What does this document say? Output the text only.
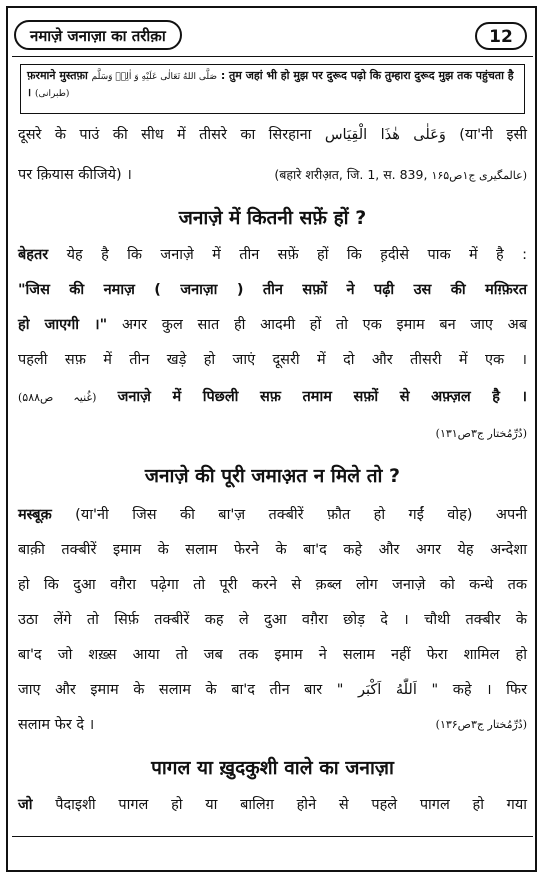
नमाज़े जनाज़ा का तरीक़ा	12
फ़रमाने मुस्तफ़ा صَلَّى اللهُ تَعَالٰى عَلَيْهِ وَ اٰلِهٖ وَسَلَّم : तुम जहां भी हो मुझ पर दुरूद पढ़ो कि तुम्हारा दुरूद मुझ तक पहुंचता है । (طبرانی)
दूसरे के पाउं की सीध में तीसरे का सिरहाना وَعَلٰى هٰذَا الْقِيَاس (या'नी इसी
पर क़ियास कीजिये) ।	(बहारे शरीअ़त, जि. 1, स. 839, عالمگیری ج۱ص۱۶۵)
जनाज़े में कितनी सफ़ें हों ?
बेहतर येह है कि जनाज़े में तीन सफ़ें हों कि ह़दीसे पाक में है :
"जिस की नमाज़ ( जनाज़ा ) तीन सफ़ों ने पढ़ी उस की मग़्फ़िरत
हो जाएगी ।" अगर कुल सात ही आदमी हों तो एक इमाम बन जाए अब
पहली सफ़ में तीन खड़े हो जाएं दूसरी में दो और तीसरी में एक ।
(غُنیہ ص۵۸۸) जनाज़े में पिछली सफ़ तमाम सफ़ों से अफ़्ज़ल है ।
(دُرِّمُختار ج۳ص۱۳۱)
जनाज़े की पूरी जमाअ़त न मिले तो ?
मस्बूक़ (या'नी जिस की बा'ज़ तक्बीरें फ़ौत हो गईं वोह) अपनी
बाक़ी तक्बीरें इमाम के सलाम फेरने के बा'द कहे और अगर येह अन्देशा
हो कि दुआ वग़ैरा पढ़ेगा तो पूरी करने से क़ब्ल लोग जनाज़े को कन्धे तक
उठा लेंगे तो सिर्फ़ तक्बीरें कह ले दुआ वग़ैरा छोड़ दे । चौथी तक्बीर के
बा'द जो शख़्स आया तो जब तक इमाम ने सलाम नहीं फेरा शामिल हो
जाए और इमाम के सलाम के बा'द तीन बार " اَللّٰهُ اَكْبَر " कहे । फिर
सलाम फेर दे ।	(دُرِّمُختار ج۳ص۱۳۶)
पागल या ख़ुदकुशी वाले का जनाज़ा
जो पैदाइशी पागल हो या बालिग़ होने से पहले पागल हो गया
